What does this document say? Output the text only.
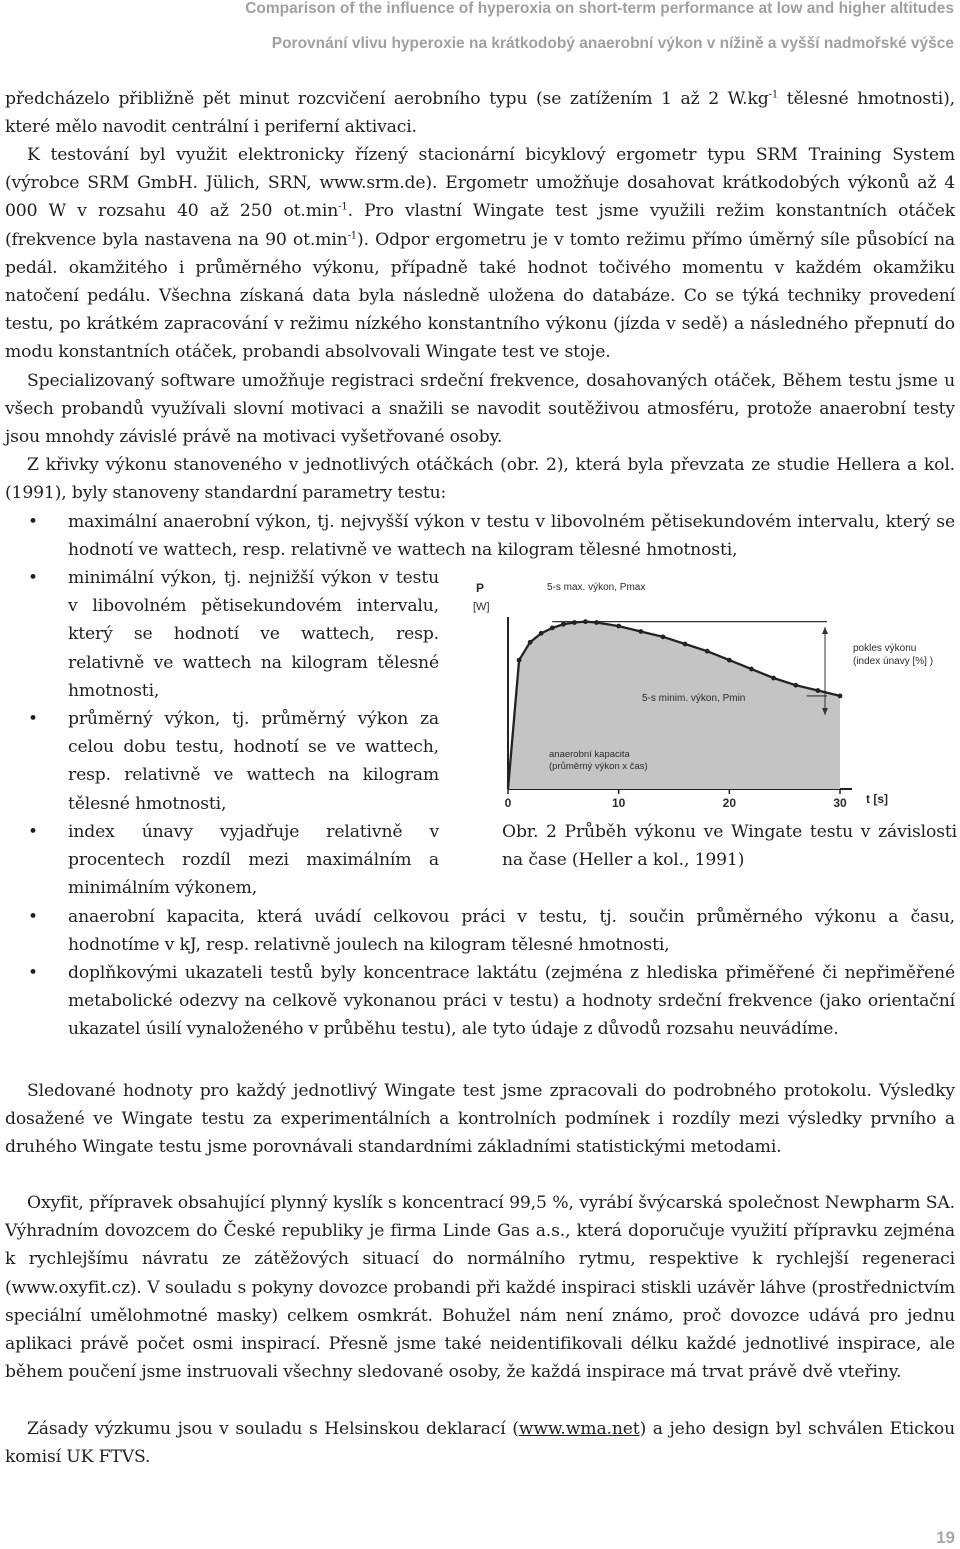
Comparison of the influence of hyperoxia on short-term performance at low and higher altitudes
Porovnání vlivu hyperoxie na krátkodobý anaerobní výkon v nížině a vyšší nadmořské výšce

předcházelo přibližně pět minut rozcvičení aerobního typu (se zatížením 1 až 2 $W.kg^{-1}$ tělesné hmotnosti), které mělo navodit centrální i periferní aktivaci.

K testování byl využit elektronicky řízený stacionární bicyklový ergometr typu SRM Training System (výrobce SRM GmbH. Jülich, SRN, www.srm.de). Ergometr umožňuje dosahovat krátkodobých výkonů až 4 000 W v rozsahu 40 až 250 $ot.\min^{-1}$. Pro vlastní Wingate test jsme využili režim konstantních otáček (frekvence byla nastavena na 90 $ot.\min^{-1}$). Odpor ergometru je v tomto režimu přímo úměrný síle působící na pedál. okamžitého i průměrného výkonu, případně také hodnot točivého momentu v každém okamžiku natočení pedálu. Všechna získaná data byla následně uložena do databáze. Co se týká techniky provedení testu, po krátkém zapracování v režimu nízkého konstantního výkonu (jízda v sedě) a následného přepnutí do modu konstantních otáček, probandi absolvovali Wingate test ve stoje.

Specializovaný software umožňuje registraci srdeční frekvence, dosahovaných otáček, Během testu jsme u všech probandů využívali slovní motivaci a snažili se navodit soutěživou atmosféru, protože anaerobní testy jsou mnohdy závislé právě na motivaci vyšetřované osoby.

Z křivky výkonu stanoveného v jednotlivých otáčkách (obr. 2), která byla převzata ze studie Hellera a kol. (1991), byly stanoveny standardní parametry testu:

• maximální anaerobní výkon, tj. nejvyšší výkon v testu v libovolném pětisekundovém intervalu, který se hodnotí ve wattech, resp. relativně ve wattech na kilogram tělesné hmotnosti,

• minimální výkon, tj. nejnižší výkon v testu v libovolném pětisekundovém intervalu, který se hodnotí ve wattech, resp. relativně ve wattech na kilogram tělesné hmotnosti,

• průměrný výkon, tj. průměrný výkon za celou dobu testu, hodnotí se ve wattech, resp. relativně ve wattech na kilogram tělesné hmotnosti,

• index únavy vyjadřuje relativně v procentech rozdíl mezi maximálním a minimálním výkonem,

• anaerobní kapacita, která uvádí celkovou práci v testu, tj. součin průměrného výkonu a času, hodnotíme v kJ, resp. relativně joulech na kilogram tělesné hmotnosti,

• doplňkovými ukazateli testů byly koncentrace laktátu (zejména z hlediska přiměřené či nepřiměřené metabolické odezvy na celkově vykonanou práci v testu) a hodnoty srdeční frekvence (jako orientační ukazatel úsilí vynaloženého v průběhu testu), ale tyto údaje z důvodů rozsahu neuvádíme.

P
[W]
0	10	20	30
5-s max. výkon, Pmax
5-s minim. výkon, Pmin
pokles výkonu
(index únavy [%] )
anaerobní kapacita
(průměrný výkon x čas)
t [s]

Obr. 2 Průběh výkonu ve Wingate testu v závislosti na čase (Heller a kol., 1991)

Sledované hodnoty pro každý jednotlivý Wingate test jsme zpracovali do podrobného protokolu. Výsledky dosažené ve Wingate testu za experimentálních a kontrolních podmínek i rozdíly mezi výsledky prvního a druhého Wingate testu jsme porovnávali standardními základními statistickými metodami.

Oxyfit, přípravek obsahující plynný kyslík s koncentrací 99,5 %, vyrábí švýcarská společnost Newpharm SA. Výhradním dovozcem do České republiky je firma Linde Gas a.s., která doporučuje využití přípravku zejména k rychlejšímu návratu ze zátěžových situací do normálního rytmu, respektive k rychlejší regeneraci (www.oxyfit.cz). V souladu s pokyny dovozce probandi při každé inspiraci stiskli uzávěr láhve (prostřednictvím speciální umělohmotné masky) celkem osmkrát. Bohužel nám není známo, proč dovozce udává pro jednu aplikaci právě počet osmi inspirací. Přesně jsme také neidentifikovali délku každé jednotlivé inspirace, ale během poučení jsme instruovali všechny sledované osoby, že každá inspirace má trvat právě dvě vteřiny.

Zásady výzkumu jsou v souladu s Helsinskou deklarací (www.wma.net) a jeho design byl schválen Etickou komisí UK FTVS.

19
